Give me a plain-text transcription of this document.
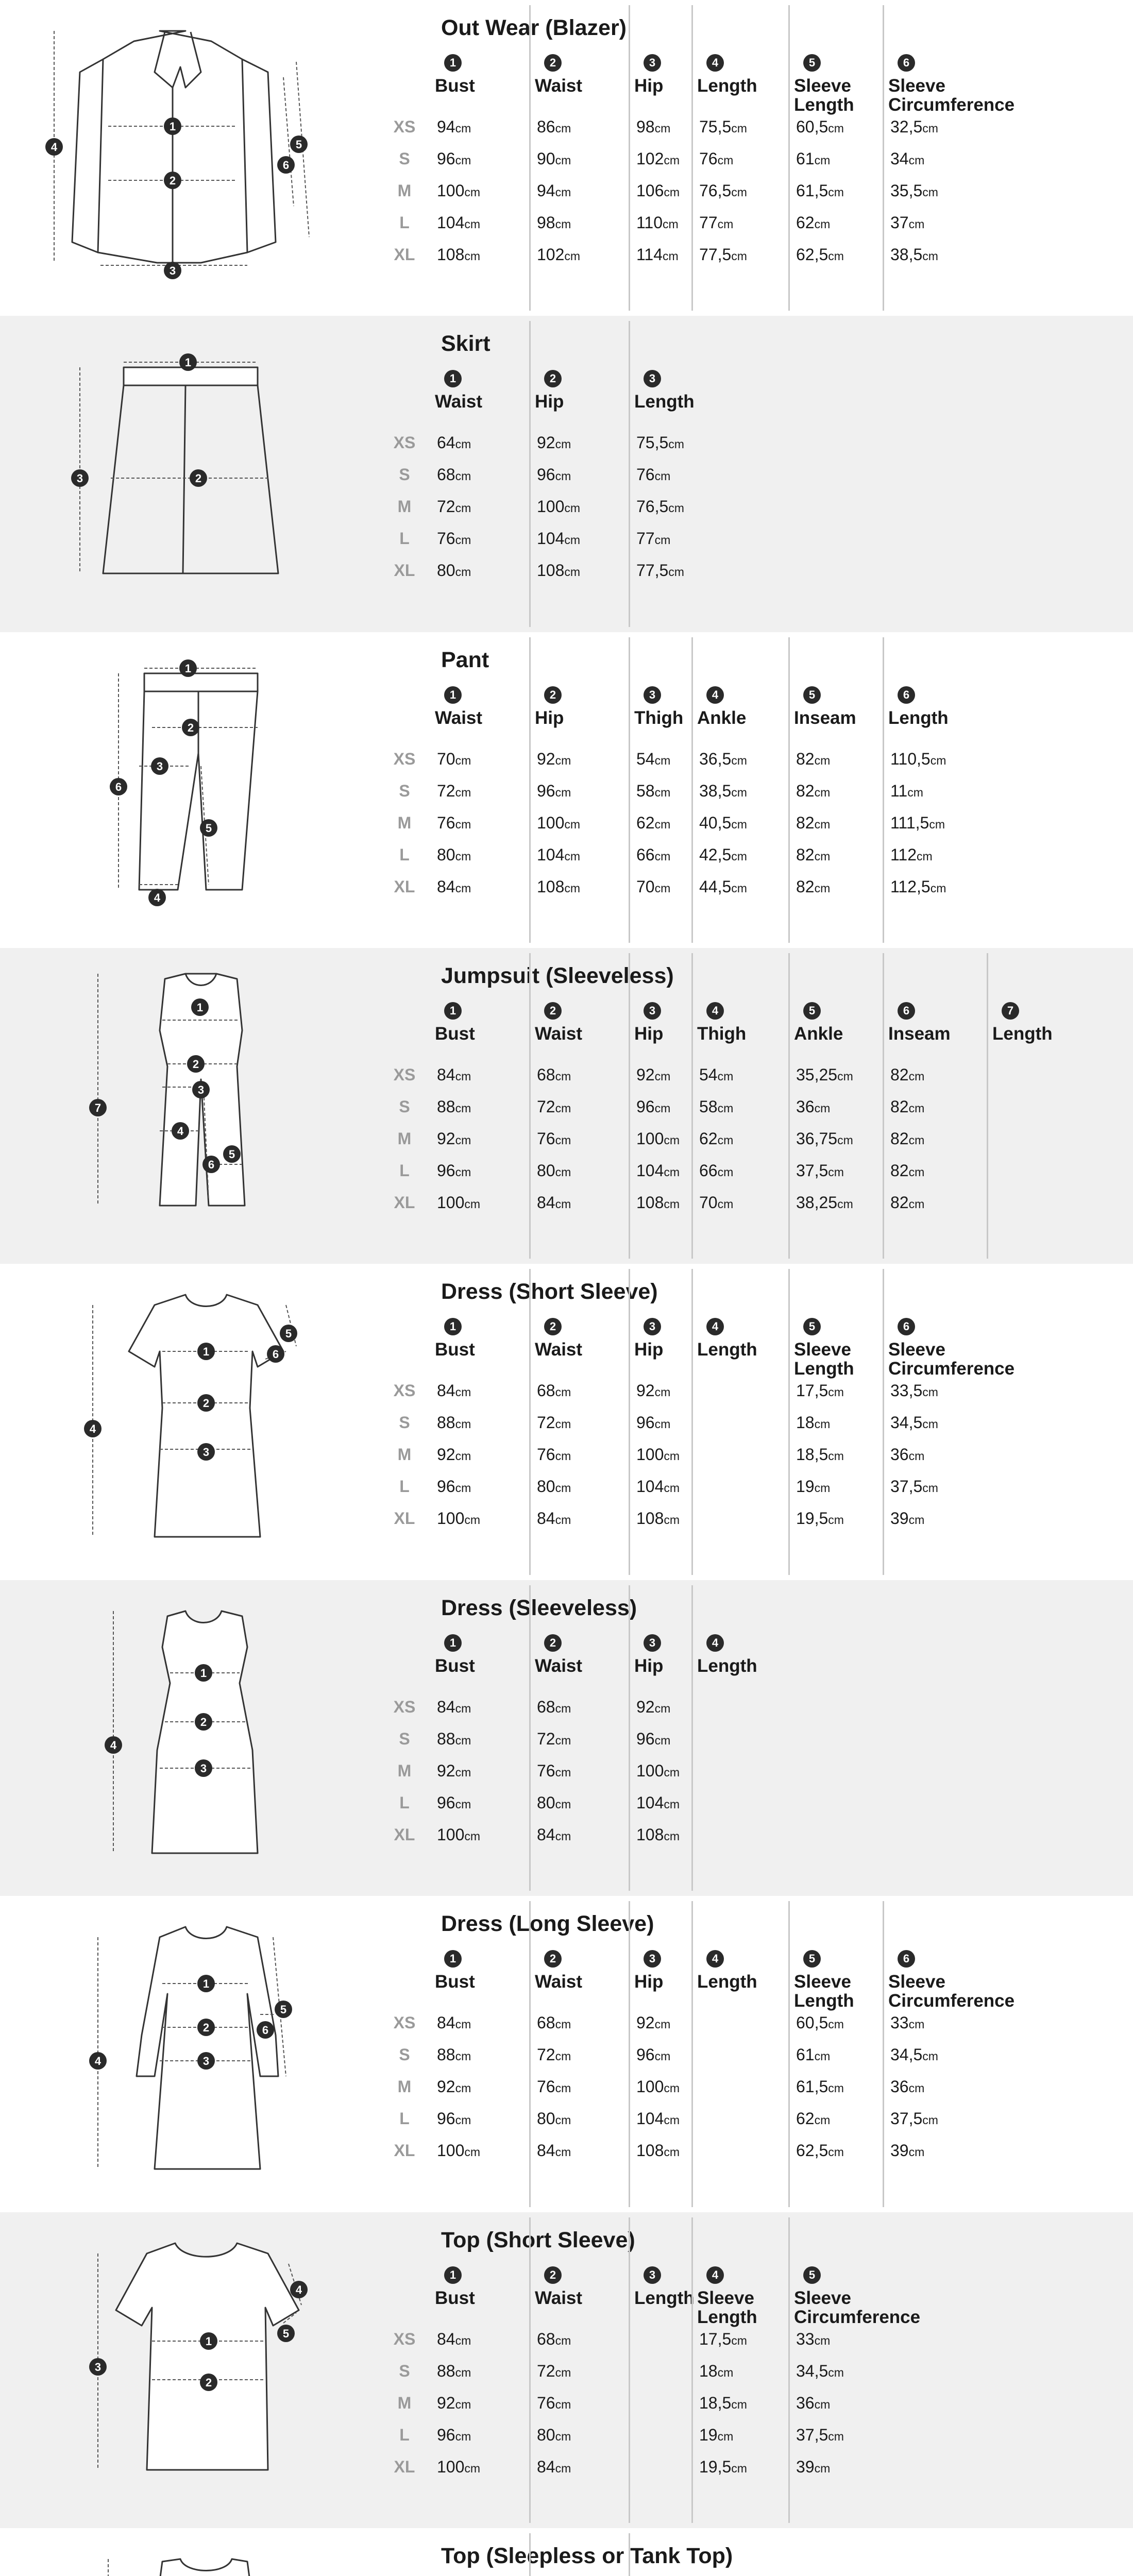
1
2
3
4	5
6
Out Wear (Blazer)
XS
S
M
L
XL
1
Bust
94cm
96cm
100cm
104cm
108cm
2
Waist
86cm
90cm
94cm
98cm
102cm
3
Hip
98cm
102cm
106cm
110cm
114cm
4
Length
75,5cm
76cm
76,5cm
77cm
77,5cm
5
Sleeve Length
60,5cm
61cm
61,5cm
62cm
62,5cm
6
Sleeve Circumference
32,5cm
34cm
35,5cm
37cm
38,5cm
1
2
3
Skirt
XS
S
M
L
XL
1
Waist
64cm
68cm
72cm
76cm
80cm
2
Hip
92cm
96cm
100cm
104cm
108cm
3
Length
75,5cm
76cm
76,5cm
77cm
77,5cm
1
2
3
4
5
6
Pant
XS
S
M
L
XL
1
Waist
70cm
72cm
76cm
80cm
84cm
2
Hip
92cm
96cm
100cm
104cm
108cm
3
Thigh
54cm
58cm
62cm
66cm
70cm
4
Ankle
36,5cm
38,5cm
40,5cm
42,5cm
44,5cm
5
Inseam
82cm
82cm
82cm
82cm
82cm
6
Length
110,5cm
11cm
111,5cm
112cm
112,5cm
1
2
3
4
5
6
7
Jumpsuit (Sleeveless)
XS
S
M
L
XL
1
Bust
84cm
88cm
92cm
96cm
100cm
2
Waist
68cm
72cm
76cm
80cm
84cm
3
Hip
92cm
96cm
100cm
104cm
108cm
4
Thigh
54cm
58cm
62cm
66cm
70cm
5
Ankle
35,25cm
36cm
36,75cm
37,5cm
38,25cm
6
Inseam
82cm
82cm
82cm
82cm
82cm
7
Length
1
2
3
4
5
6
Dress (Short Sleeve)
XS
S
M
L
XL
1
Bust
84cm
88cm
92cm
96cm
100cm
2
Waist
68cm
72cm
76cm
80cm
84cm
3
Hip
92cm
96cm
100cm
104cm
108cm
4
Length
5
Sleeve Length
17,5cm
18cm
18,5cm
19cm
19,5cm
6
Sleeve Circumference
33,5cm
34,5cm
36cm
37,5cm
39cm
1
2
3
4
Dress (Sleeveless)
XS
S
M
L
XL
1
Bust
84cm
88cm
92cm
96cm
100cm
2
Waist
68cm
72cm
76cm
80cm
84cm
3
Hip
92cm
96cm
100cm
104cm
108cm
4
Length
1
2
3
4
5
6
Dress (Long Sleeve)
XS
S
M
L
XL
1
Bust
84cm
88cm
92cm
96cm
100cm
2
Waist
68cm
72cm
76cm
80cm
84cm
3
Hip
92cm
96cm
100cm
104cm
108cm
4
Length
5
Sleeve Length
60,5cm
61cm
61,5cm
62cm
62,5cm
6
Sleeve Circumference
33cm
34,5cm
36cm
37,5cm
39cm
1
2
3
4
5
Top (Short Sleeve)
XS
S
M
L
XL
1
Bust
84cm
88cm
92cm
96cm
100cm
2
Waist
68cm
72cm
76cm
80cm
84cm
3
Length
4
Sleeve Length
17,5cm
18cm
18,5cm
19cm
19,5cm
5
Sleeve Circumference
33cm
34,5cm
36cm
37,5cm
39cm
Top (Sleepless or Tank Top)
